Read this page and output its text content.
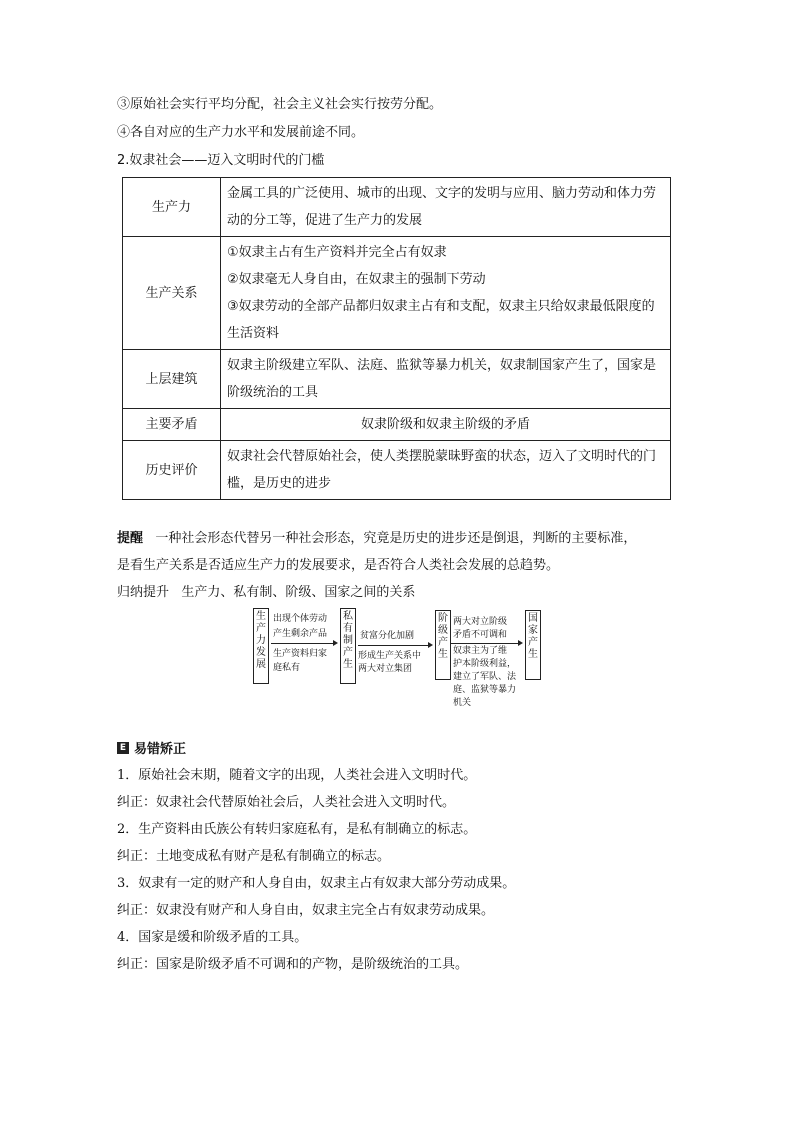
③原始社会实行平均分配，社会主义社会实行按劳分配。
④各自对应的生产力水平和发展前途不同。
2.奴隶社会——迈入文明时代的门槛
生产力	金属工具的广泛使用、城市的出现、文字的发明与应用、脑力劳动和体力劳动的分工等，促进了生产力的发展
生产关系	①奴隶主占有生产资料并完全占有奴隶
②奴隶毫无人身自由，在奴隶主的强制下劳动
③奴隶劳动的全部产品都归奴隶主占有和支配，奴隶主只给奴隶最低限度的生活资料

上层建筑	奴隶主阶级建立军队、法庭、监狱等暴力机关，奴隶制国家产生了，国家是阶级统治的工具
主要矛盾	奴隶阶级和奴隶主阶级的矛盾
历史评价	奴隶社会代替原始社会，使人类摆脱蒙昧野蛮的状态，迈入了文明时代的门槛，是历史的进步
提醒 一种社会形态代替另一种社会形态，究竟是历史的进步还是倒退，判断的主要标准，
是看生产关系是否适应生产力的发展要求，是否符合人类社会发展的总趋势。
归纳提升 生产力、私有制、阶级、国家之间的关系
生产力发展
私有制产生
阶级产生
国家产生
出现个体劳动
产生剩余产品
生产资料归家
庭私有
贫富分化加剧
形成生产关系中
两大对立集团
两大对立阶级
矛盾不可调和
奴隶主为了维
护本阶级利益，
建立了军队、法
庭、监狱等暴力
机关
E 易错矫正
1．原始社会末期，随着文字的出现，人类社会进入文明时代。
纠正：奴隶社会代替原始社会后，人类社会进入文明时代。
2．生产资料由氏族公有转归家庭私有，是私有制确立的标志。
纠正：土地变成私有财产是私有制确立的标志。
3．奴隶有一定的财产和人身自由，奴隶主占有奴隶大部分劳动成果。
纠正：奴隶没有财产和人身自由，奴隶主完全占有奴隶劳动成果。
4．国家是缓和阶级矛盾的工具。
纠正：国家是阶级矛盾不可调和的产物，是阶级统治的工具。
